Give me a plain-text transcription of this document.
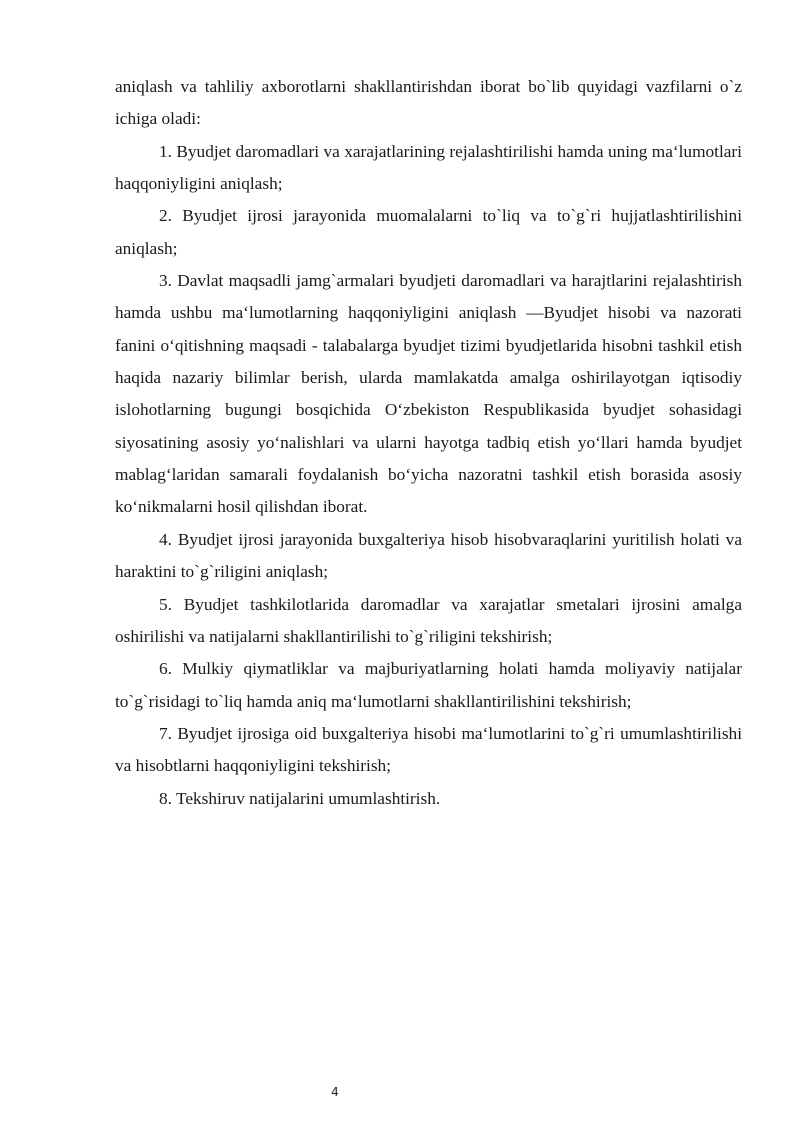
aniqlash va tahliliy axborotlarni shakllantirishdan iborat bo`lib quyidagi vazfilarni o`z ichiga oladi:

1. Byudjet daromadlari va xarajatlarining rejalashtirilishi hamda uning ma‘lumotlari haqqoniyligini aniqlash;

2. Byudjet ijrosi jarayonida muomalalarni to`liq va to`g`ri hujjatlashtirilishini aniqlash;

3. Davlat maqsadli jamg`armalari byudjeti daromadlari va harajtlarini rejalashtirish hamda ushbu ma‘lumotlarning haqqoniyligini aniqlash —Byudjet hisobi va nazorati fanini o‘qitishning maqsadi - talabalarga byudjet tizimi byudjetlarida hisobni tashkil etish haqida nazariy bilimlar berish, ularda mamlakatda amalga oshirilayotgan iqtisodiy islohotlarning bugungi bosqichida O‘zbekiston Respublikasida byudjet sohasidagi siyosatining asosiy yo‘nalishlari va ularni hayotga tadbiq etish yo‘llari hamda byudjet mablag‘laridan samarali foydalanish bo‘yicha nazoratni tashkil etish borasida asosiy ko‘nikmalarni hosil qilishdan iborat.

4. Byudjet ijrosi jarayonida buxgalteriya hisob hisobvaraqlarini yuritilish holati va haraktini to`g`riligini aniqlash;

5. Byudjet tashkilotlarida daromadlar va xarajatlar smetalari ijrosini amalga oshirilishi va natijalarni shakllantirilishi to`g`riligini tekshirish;

6. Mulkiy qiymatliklar va majburiyatlarning holati hamda moliyaviy natijalar to`g`risidagi to`liq hamda aniq ma‘lumotlarni shakllantirilishini tekshirish;

7. Byudjet ijrosiga oid buxgalteriya hisobi ma‘lumotlarini to`g`ri umumlashtirilishi va hisobtlarni haqqoniyligini tekshirish;

8. Tekshiruv natijalarini umumlashtirish.

4
